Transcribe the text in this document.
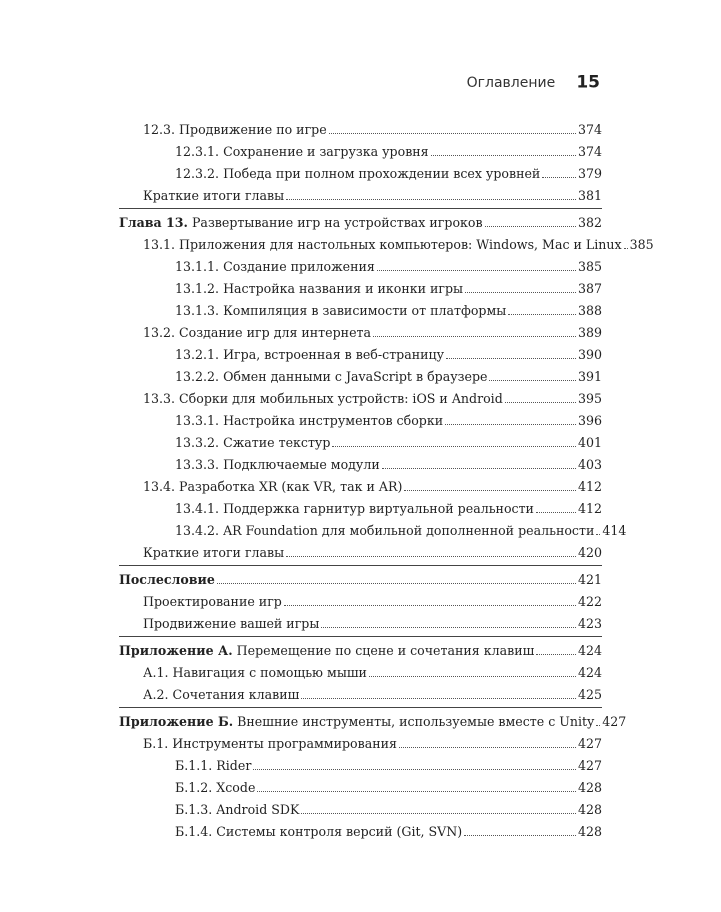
Оглавление 15
12.3. Продвижение по игре	374
12.3.1. Сохранение и загрузка уровня	374
12.3.2. Победа при полном прохождении всех уровней	379
Краткие итоги главы	381
Глава 13. Развертывание игр на устройствах игроков	382
13.1. Приложения для настольных компьютеров: Windows, Mac и Linux 385
13.1.1. Создание приложения	385
13.1.2. Настройка названия и иконки игры	387
13.1.3. Компиляция в зависимости от платформы	388
13.2. Создание игр для интернета	389
13.2.1. Игра, встроенная в веб-страницу	390
13.2.2. Обмен данными с JavaScript в браузере	391
13.3. Сборки для мобильных устройств: iOS и Android	395
13.3.1. Настройка инструментов сборки	396
13.3.2. Сжатие текстур	401
13.3.3. Подключаемые модули	403
13.4. Разработка XR (как VR, так и AR)	412
13.4.1. Поддержка гарнитур виртуальной реальности	412
13.4.2. AR Foundation для мобильной дополненной реальности 414
Краткие итоги главы	420
Послесловие	421
Проектирование игр	422
Продвижение вашей игры	423
Приложение А. Перемещение по сцене и сочетания клавиш	424
А.1. Навигация с помощью мыши	424
А.2. Сочетания клавиш	425
Приложение Б. Внешние инструменты, используемые вместе с Unity 427
Б.1. Инструменты программирования	427
Б.1.1. Rider	427
Б.1.2. Xcode	428
Б.1.3. Android SDK	428
Б.1.4. Системы контроля версий (Git, SVN)	428
